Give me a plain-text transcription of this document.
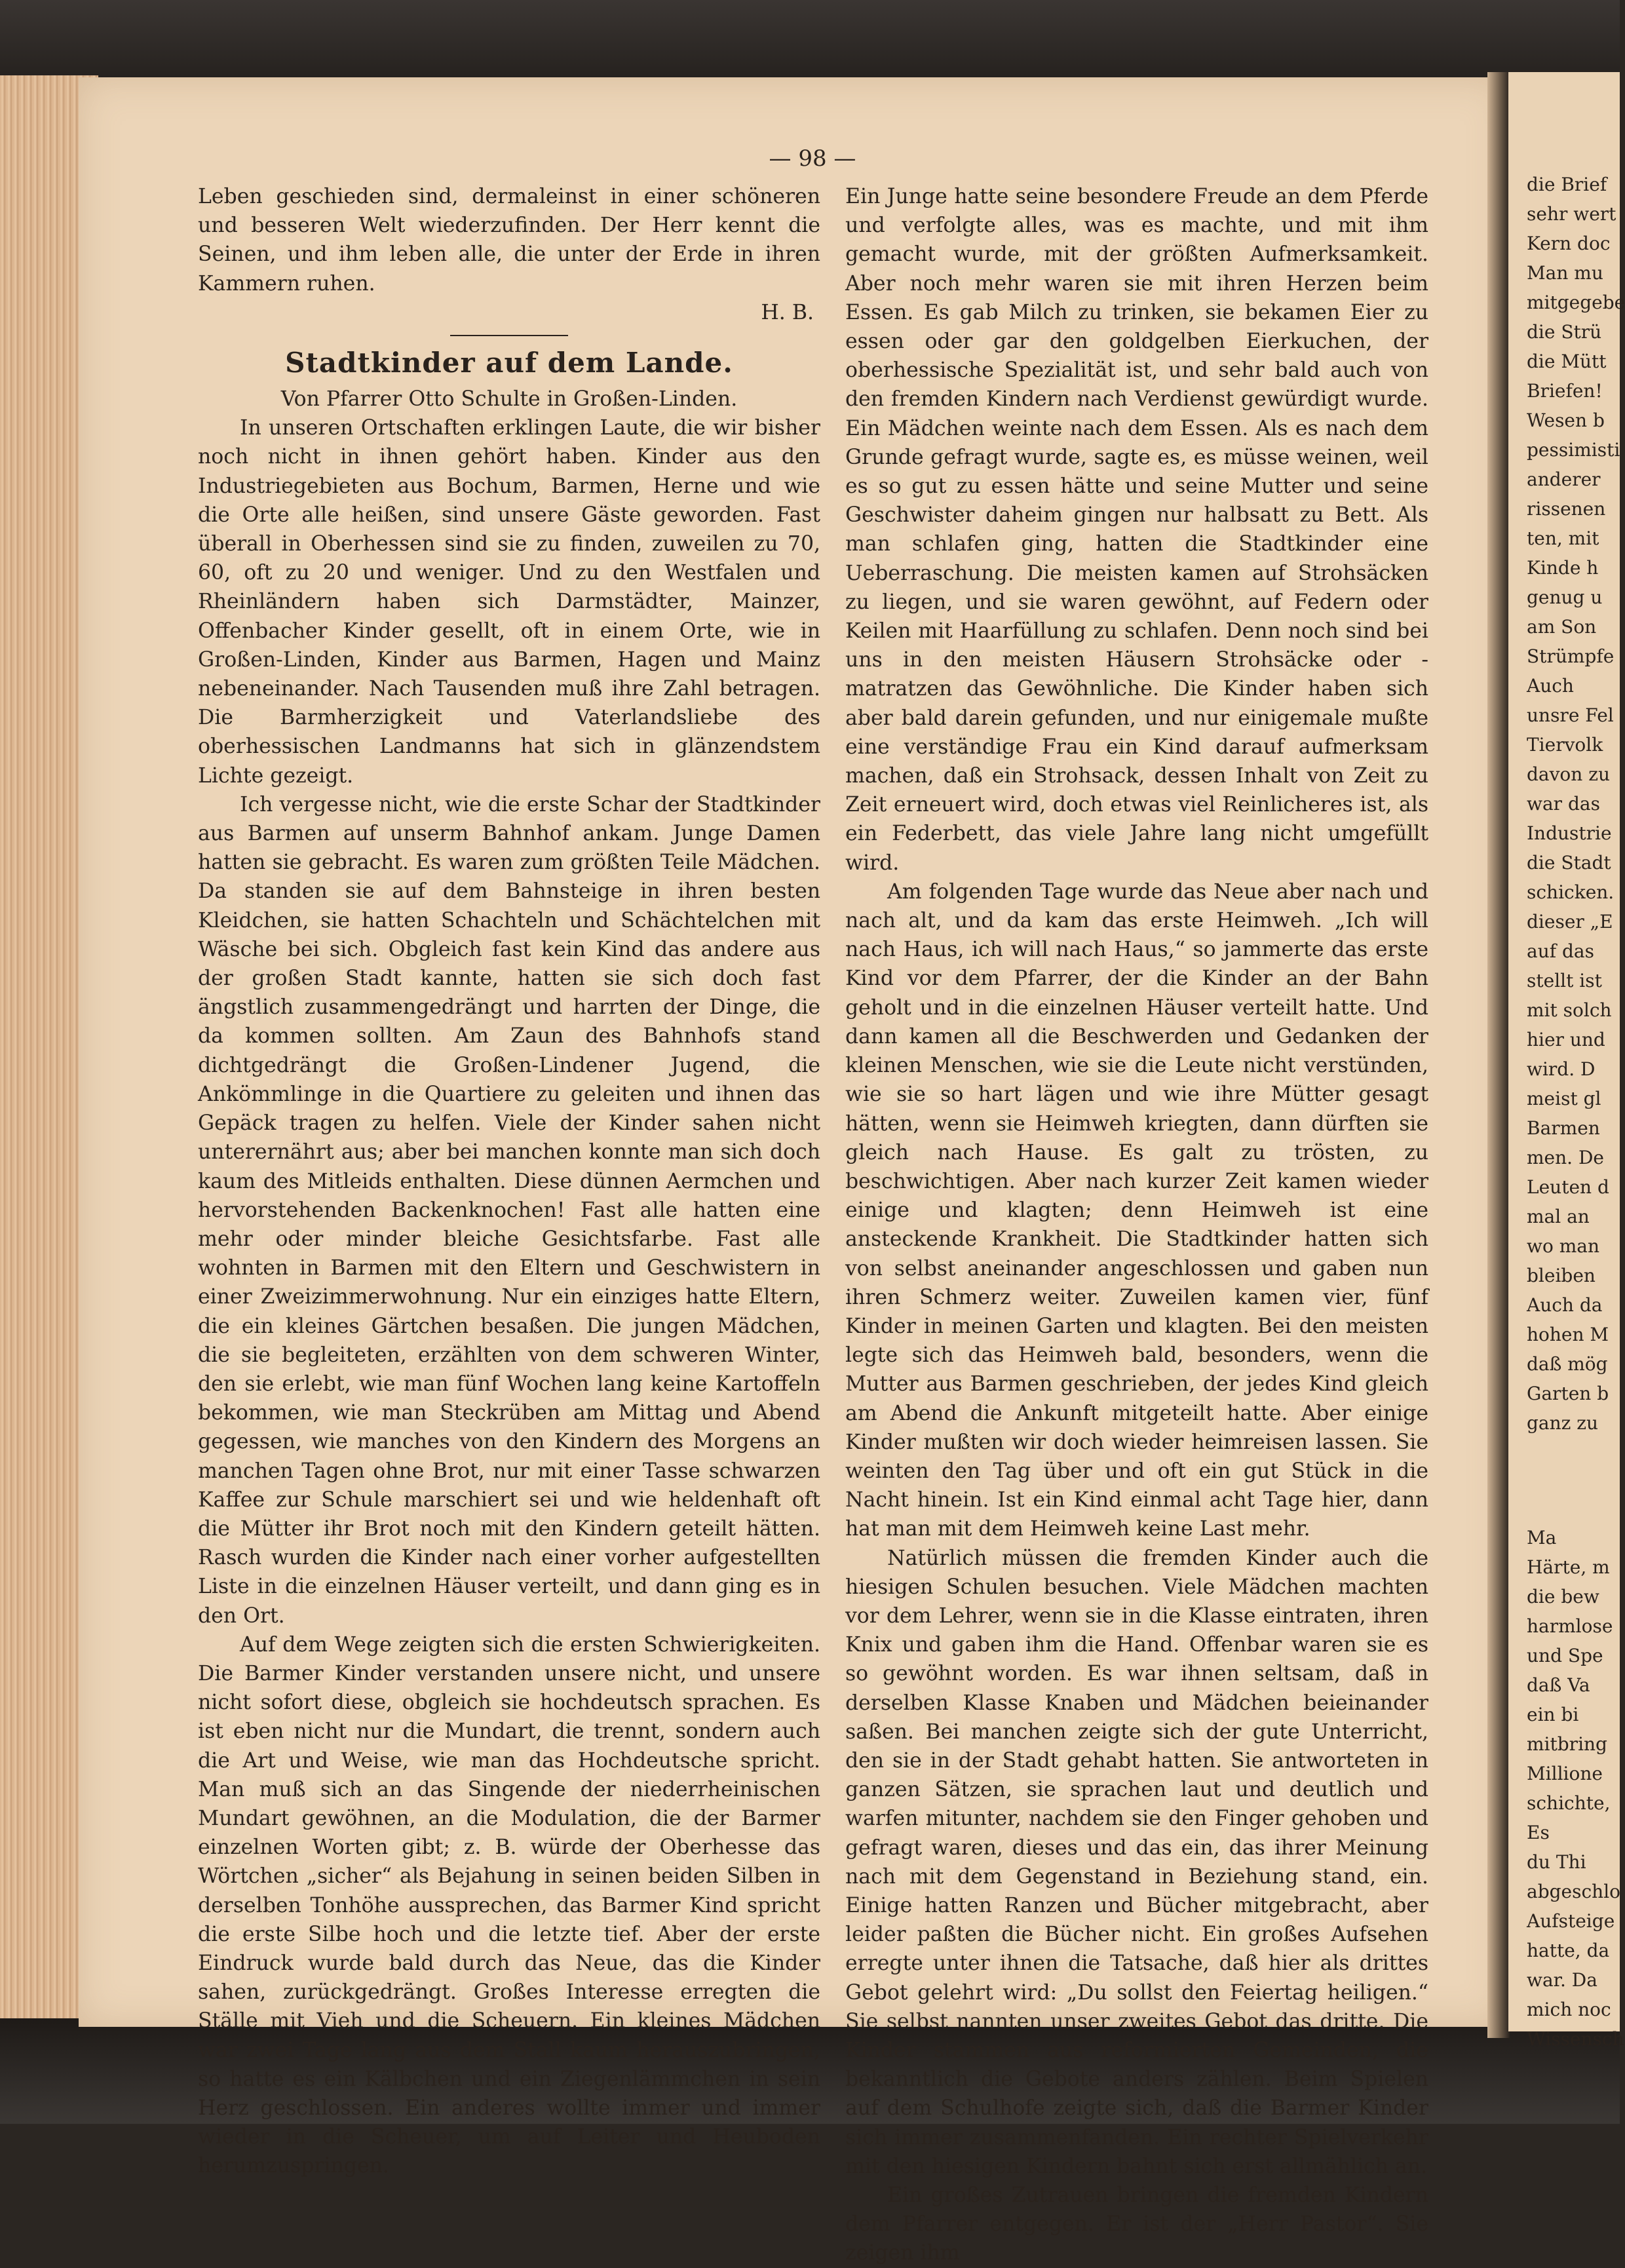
die Brief
sehr wert
Kern doc
Man mu
mitgegebe
die Strü
die Mütt
Briefen!
Wesen b
pessimisti
anderer
rissenen
ten, mit
Kinde h
genug u
am Son
Strümpfe
Auch
unsre Fel
Tiervolk
davon zu
war das
Industrie
die Stadt
schicken.
dieser „E
auf das
stellt ist
mit solch
hier und
wird. D
meist gl
Barmen
men. De
Leuten d
mal an
wo man
bleiben
Auch da
hohen M
daß mög
Garten b
ganz zu
Ma
Härte, m
die bew
harmlose
und Spe
daß Va
ein bi
mitbring
Millione
schichte,
Es
du Thi
abgeschlo
Aufsteige
hatte, da
war. Da
mich noc
Wissensch
— 98 —

Leben geschieden sind, dermaleinst in einer schöneren und besseren Welt wiederzufinden. Der Herr kennt die Seinen, und ihm leben alle, die unter der Erde in ihren Kammern ruhen.

H. B.

Stadtkinder auf dem Lande.

Von Pfarrer Otto Schulte in Großen-Linden.

In unseren Ortschaften erklingen Laute, die wir bisher noch nicht in ihnen gehört haben. Kinder aus den Industriegebieten aus Bochum, Barmen, Herne und wie die Orte alle heißen, sind unsere Gäste geworden. Fast überall in Oberhessen sind sie zu finden, zuweilen zu 70, 60, oft zu 20 und weniger. Und zu den Westfalen und Rheinländern haben sich Darmstädter, Mainzer, Offenbacher Kinder gesellt, oft in einem Orte, wie in Großen-Linden, Kinder aus Barmen, Hagen und Mainz nebeneinander. Nach Tausenden muß ihre Zahl betragen. Die Barmherzigkeit und Vaterlandsliebe des oberhessischen Landmanns hat sich in glänzendstem Lichte gezeigt.

Ich vergesse nicht, wie die erste Schar der Stadtkinder aus Barmen auf unserm Bahnhof ankam. Junge Damen hatten sie gebracht. Es waren zum größten Teile Mädchen. Da standen sie auf dem Bahnsteige in ihren besten Kleidchen, sie hatten Schachteln und Schächtelchen mit Wäsche bei sich. Obgleich fast kein Kind das andere aus der großen Stadt kannte, hatten sie sich doch fast ängstlich zusammengedrängt und harrten der Dinge, die da kommen sollten. Am Zaun des Bahnhofs stand dichtgedrängt die Großen-Lindener Jugend, die Ankömmlinge in die Quartiere zu geleiten und ihnen das Gepäck tragen zu helfen. Viele der Kinder sahen nicht unterernährt aus; aber bei manchen konnte man sich doch kaum des Mitleids enthalten. Diese dünnen Aermchen und hervorstehenden Backenknochen! Fast alle hatten eine mehr oder minder bleiche Gesichtsfarbe. Fast alle wohnten in Barmen mit den Eltern und Geschwistern in einer Zweizimmerwohnung. Nur ein einziges hatte Eltern, die ein kleines Gärtchen besaßen. Die jungen Mädchen, die sie begleiteten, erzählten von dem schweren Winter, den sie erlebt, wie man fünf Wochen lang keine Kartoffeln bekommen, wie man Steckrüben am Mittag und Abend gegessen, wie manches von den Kindern des Morgens an manchen Tagen ohne Brot, nur mit einer Tasse schwarzen Kaffee zur Schule marschiert sei und wie heldenhaft oft die Mütter ihr Brot noch mit den Kindern geteilt hätten. Rasch wurden die Kinder nach einer vorher aufgestellten Liste in die einzelnen Häuser verteilt, und dann ging es in den Ort.

Auf dem Wege zeigten sich die ersten Schwierigkeiten. Die Barmer Kinder verstanden unsere nicht, und unsere nicht sofort diese, obgleich sie hochdeutsch sprachen. Es ist eben nicht nur die Mundart, die trennt, sondern auch die Art und Weise, wie man das Hochdeutsche spricht. Man muß sich an das Singende der niederrheinischen Mundart gewöhnen, an die Modulation, die der Barmer einzelnen Worten gibt; z. B. würde der Oberhesse das Wörtchen „sicher“ als Bejahung in seinen beiden Silben in derselben Tonhöhe aussprechen, das Barmer Kind spricht die erste Silbe hoch und die letzte tief. Aber der erste Eindruck wurde bald durch das Neue, das die Kinder sahen, zurückgedrängt. Großes Interesse erregten die Ställe mit Vieh und die Scheuern. Ein kleines Mädchen war zwei Tage lang aus dem Stall kaum herauszubringen, so hatte es ein Kälbchen und ein Ziegenlämmchen in sein Herz geschlossen. Ein anderes wollte immer und immer wieder in die Scheuer, um auf Leiter und Heuboden herumzuspringen.

Ein Junge hatte seine besondere Freude an dem Pferde und verfolgte alles, was es machte, und mit ihm gemacht wurde, mit der größten Aufmerksamkeit. Aber noch mehr waren sie mit ihren Herzen beim Essen. Es gab Milch zu trinken, sie bekamen Eier zu essen oder gar den goldgelben Eierkuchen, der oberhessische Spezialität ist, und sehr bald auch von den fremden Kindern nach Verdienst gewürdigt wurde. Ein Mädchen weinte nach dem Essen. Als es nach dem Grunde gefragt wurde, sagte es, es müsse weinen, weil es so gut zu essen hätte und seine Mutter und seine Geschwister daheim gingen nur halbsatt zu Bett. Als man schlafen ging, hatten die Stadtkinder eine Ueberraschung. Die meisten kamen auf Strohsäcken zu liegen, und sie waren gewöhnt, auf Federn oder Keilen mit Haarfüllung zu schlafen. Denn noch sind bei uns in den meisten Häusern Strohsäcke oder -matratzen das Gewöhnliche. Die Kinder haben sich aber bald darein gefunden, und nur einigemale mußte eine verständige Frau ein Kind darauf aufmerksam machen, daß ein Strohsack, dessen Inhalt von Zeit zu Zeit erneuert wird, doch etwas viel Reinlicheres ist, als ein Federbett, das viele Jahre lang nicht umgefüllt wird.

Am folgenden Tage wurde das Neue aber nach und nach alt, und da kam das erste Heimweh. „Ich will nach Haus, ich will nach Haus,“ so jammerte das erste Kind vor dem Pfarrer, der die Kinder an der Bahn geholt und in die einzelnen Häuser verteilt hatte. Und dann kamen all die Beschwerden und Gedanken der kleinen Menschen, wie sie die Leute nicht verstünden, wie sie so hart lägen und wie ihre Mütter gesagt hätten, wenn sie Heimweh kriegten, dann dürften sie gleich nach Hause. Es galt zu trösten, zu beschwichtigen. Aber nach kurzer Zeit kamen wieder einige und klagten; denn Heimweh ist eine ansteckende Krankheit. Die Stadtkinder hatten sich von selbst aneinander angeschlossen und gaben nun ihren Schmerz weiter. Zuweilen kamen vier, fünf Kinder in meinen Garten und klagten. Bei den meisten legte sich das Heimweh bald, besonders, wenn die Mutter aus Barmen geschrieben, der jedes Kind gleich am Abend die Ankunft mitgeteilt hatte. Aber einige Kinder mußten wir doch wieder heimreisen lassen. Sie weinten den Tag über und oft ein gut Stück in die Nacht hinein. Ist ein Kind einmal acht Tage hier, dann hat man mit dem Heimweh keine Last mehr.

Natürlich müssen die fremden Kinder auch die hiesigen Schulen besuchen. Viele Mädchen machten vor dem Lehrer, wenn sie in die Klasse eintraten, ihren Knix und gaben ihm die Hand. Offenbar waren sie es so gewöhnt worden. Es war ihnen seltsam, daß in derselben Klasse Knaben und Mädchen beieinander saßen. Bei manchen zeigte sich der gute Unterricht, den sie in der Stadt gehabt hatten. Sie antworteten in ganzen Sätzen, sie sprachen laut und deutlich und warfen mitunter, nachdem sie den Finger gehoben und gefragt waren, dieses und das ein, das ihrer Meinung nach mit dem Gegenstand in Beziehung stand, ein. Einige hatten Ranzen und Bücher mitgebracht, aber leider paßten die Bücher nicht. Ein großes Aufsehen erregte unter ihnen die Tatsache, daß hier als drittes Gebot gelehrt wird: „Du sollst den Feiertag heiligen.“ Sie selbst nannten unser zweites Gebot das dritte. Die Kinder stammen aus reformierten Gemeinden, die bekanntlich die Gebote anders zählen. Beim Spielen auf dem Schulhofe zeigte sich, daß die Barmer Kinder sich immer zusammenfanden. Ein rechter Spielverkehr mit den hiesigen Kindern bahnt sich erst allmählich an.

Ein großes Zutrauen bringen die fremden Kindern dem Pfarrer entgegen. Er ist der „Herr Pastor“. Sie zeigen ihm
